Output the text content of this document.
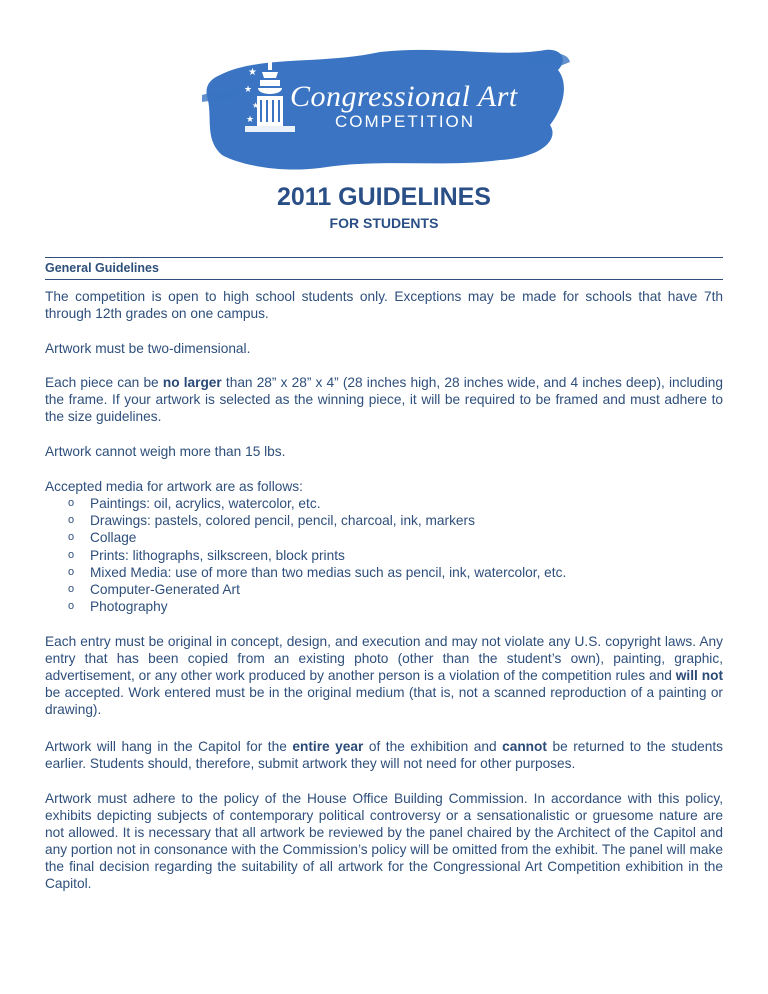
★
★
★
★
Congressional Art
COMPETITION
2011 GUIDELINES
FOR STUDENTS
General Guidelines

The competition is open to high school students only. Exceptions may be made for schools that have 7th through 12th grades on one campus.

Artwork must be two-dimensional.

Each piece can be no larger than 28” x 28” x 4” (28 inches high, 28 inches wide, and 4 inches deep), including the frame. If your artwork is selected as the winning piece, it will be required to be framed and must adhere to the size guidelines.

Artwork cannot weigh more than 15 lbs.

Accepted media for artwork are as follows:

o Paintings: oil, acrylics, watercolor, etc.
o Drawings: pastels, colored pencil, pencil, charcoal, ink, markers
o Collage
o Prints: lithographs, silkscreen, block prints
o Mixed Media: use of more than two medias such as pencil, ink, watercolor, etc.
o Computer-Generated Art
o Photography

Each entry must be original in concept, design, and execution and may not violate any U.S. copyright laws. Any entry that has been copied from an existing photo (other than the student’s own), painting, graphic, advertisement, or any other work produced by another person is a violation of the competition rules and will not be accepted. Work entered must be in the original medium (that is, not a scanned reproduction of a painting or drawing).

Artwork will hang in the Capitol for the entire year of the exhibition and cannot be returned to the students earlier. Students should, therefore, submit artwork they will not need for other purposes.

Artwork must adhere to the policy of the House Office Building Commission. In accordance with this policy, exhibits depicting subjects of contemporary political controversy or a sensationalistic or gruesome nature are not allowed. It is necessary that all artwork be reviewed by the panel chaired by the Architect of the Capitol and any portion not in consonance with the Commission’s policy will be omitted from the exhibit. The panel will make the final decision regarding the suitability of all artwork for the Congressional Art Competition exhibition in the Capitol.
